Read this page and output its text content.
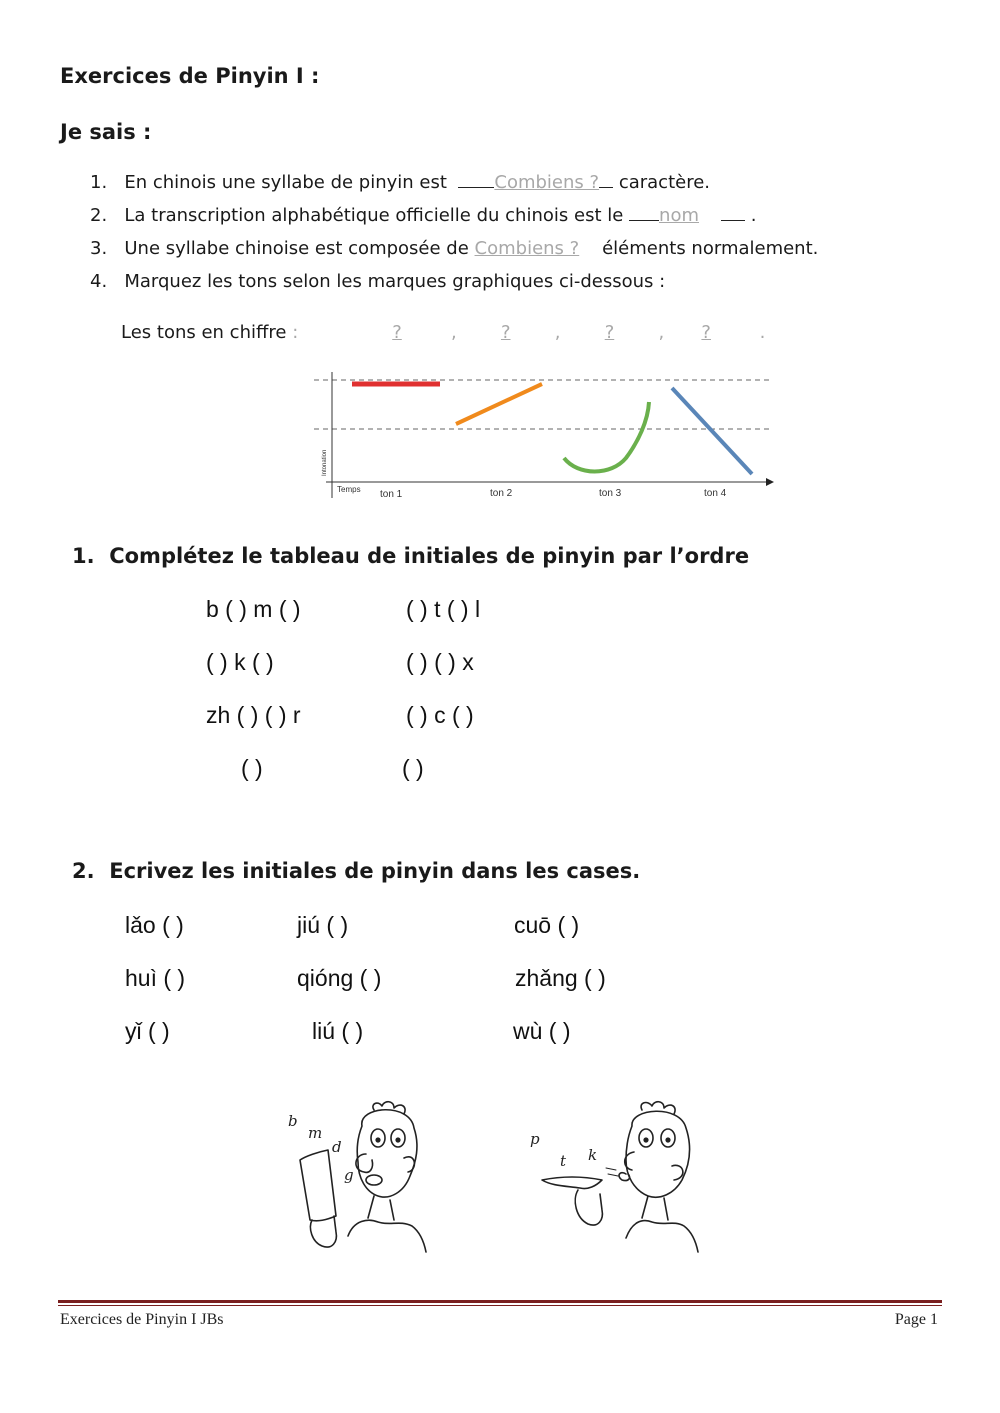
Exercices de Pinyin I :
Je sais :
1. En chinois une syllabe de pinyin est	Combiens ? caractère.
2. La transcription alphabétique officielle du chinois est le nom	.
3. Une syllabe chinoise est composée de Combiens ? éléments normalement.
4. Marquez les tons selon les marques graphiques ci-dessous :
Les tons en chiffre :	?	, ? , ? , ?	.
Intonation
Temps ton 1	ton 2	ton 3	ton 4
1. Complétez le tableau de initiales de pinyin par l’ordre
b ( ) m ( )	( ) t ( ) l
( ) k ( )	( ) ( ) x
zh ( ) ( ) r	( ) c ( )
( )	( )
2. Ecrivez les initiales de pinyin dans les cases.
lǎo ( )	jiú ( )	cuō ( )
huì ( )	qióng ( )	zhǎng ( )
yǐ ( )	liú ( )	wù ( )
b
m
d
g
p
t k
Exercices de Pinyin I JBs	Page 1
